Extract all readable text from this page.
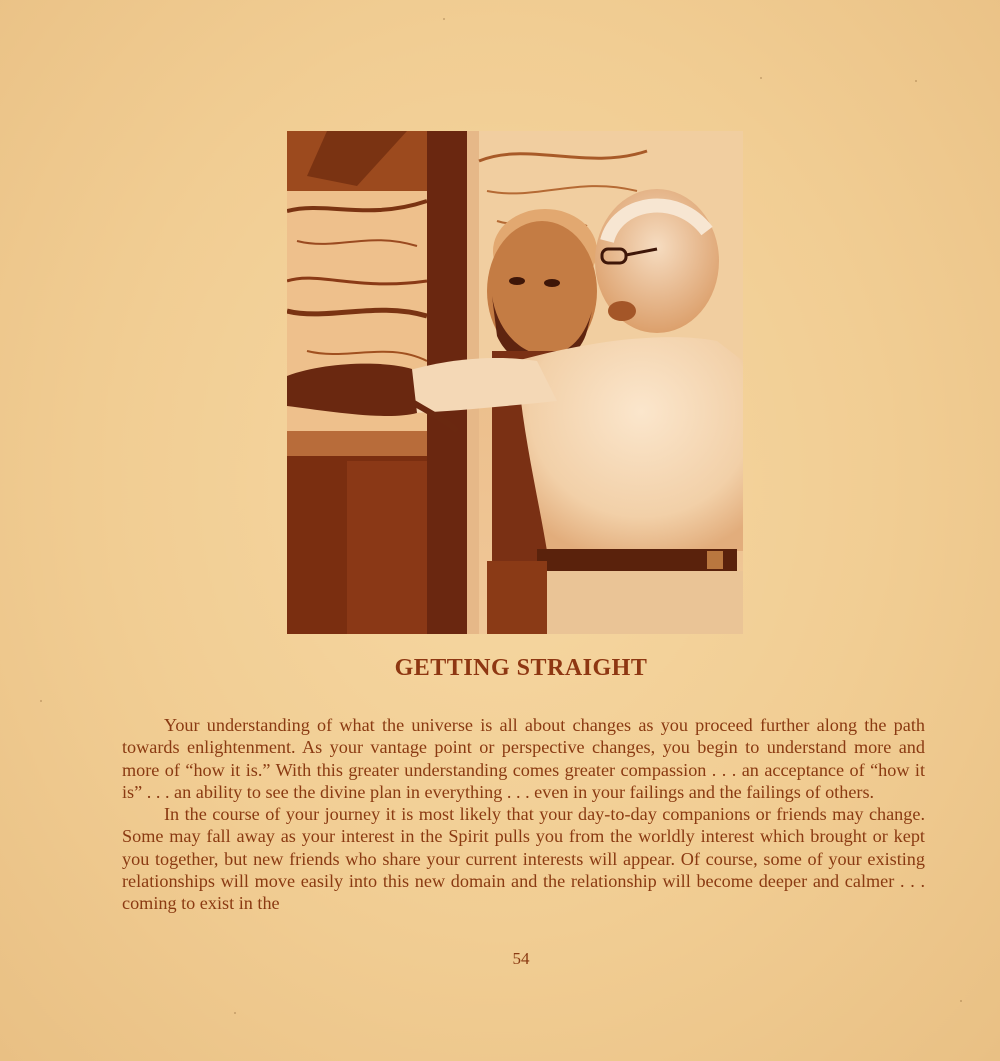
GETTING STRAIGHT

Your understanding of what the universe is all about changes as you proceed further along the path towards enlightenment. As your vantage point or perspective changes, you begin to understand more and more of “how it is.” With this greater understanding comes greater compassion . . . an acceptance of “how it is” . . . an ability to see the divine plan in everything . . . even in your failings and the failings of others.

In the course of your journey it is most likely that your day-to-day companions or friends may change. Some may fall away as your interest in the Spirit pulls you from the worldly interest which brought or kept you together, but new friends who share your current interests will appear. Of course, some of your existing relationships will move easily into this new domain and the relationship will become deeper and calmer . . . coming to exist in the

54
